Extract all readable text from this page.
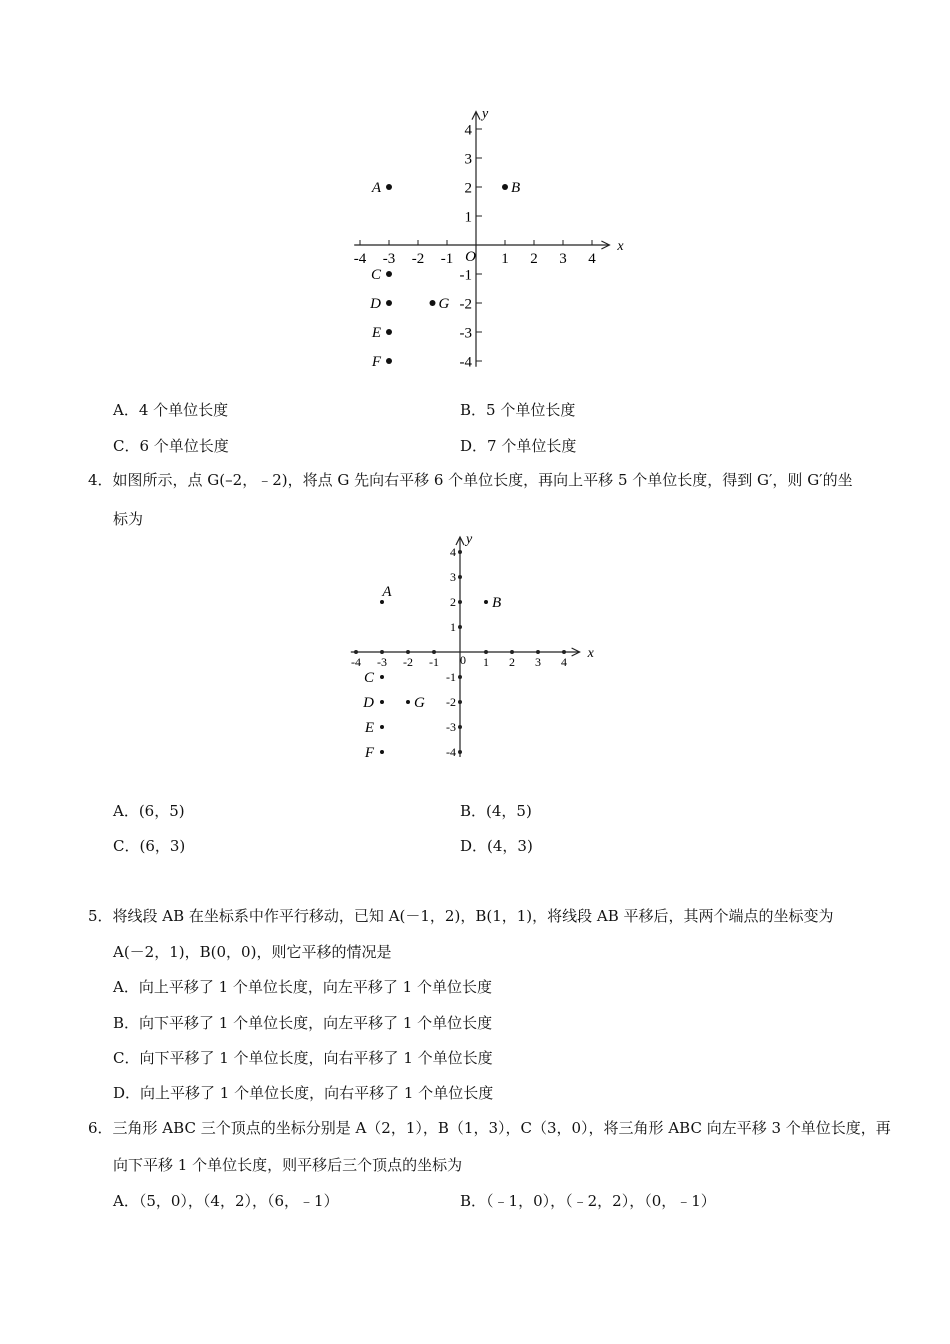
x
y
-4 -3 -2 -1	1 2 3 4
4
3
2
1
-1
-2
-3
-4
O
A	B
C
D	G
E
F
A．4 个单位长度	B．5 个单位长度
C．6 个单位长度	D．7 个单位长度
4．如图所示，点 G(–2，﹣2)，将点 G 先向右平移 6 个单位长度，再向上平移 5 个单位长度，得到 G′，则 G′的坐
标为
x
y
-4 -3 -2 -1	1 2 3 4
4
3
2
1
-1
-2
-3
-4
0
A
B
C
D	G
E
F
A．(6，5)	B．(4，5)
C．(6，3)	D．(4，3)
5．将线段 AB 在坐标系中作平行移动，已知 A(－1，2)，B(1，1)，将线段 AB 平移后，其两个端点的坐标变为
A(－2，1)，B(0，0)，则它平移的情况是
A．向上平移了 1 个单位长度，向左平移了 1 个单位长度
B．向下平移了 1 个单位长度，向左平移了 1 个单位长度
C．向下平移了 1 个单位长度，向右平移了 1 个单位长度
D．向上平移了 1 个单位长度，向右平移了 1 个单位长度
6．三角形 ABC 三个顶点的坐标分别是 A（2，1），B（1，3），C（3，0），将三角形 ABC 向左平移 3 个单位长度，再
向下平移 1 个单位长度，则平移后三个顶点的坐标为
A．（5，0），（4，2），（6，﹣1）	B．（﹣1，0），（﹣2，2），（0，﹣1）
